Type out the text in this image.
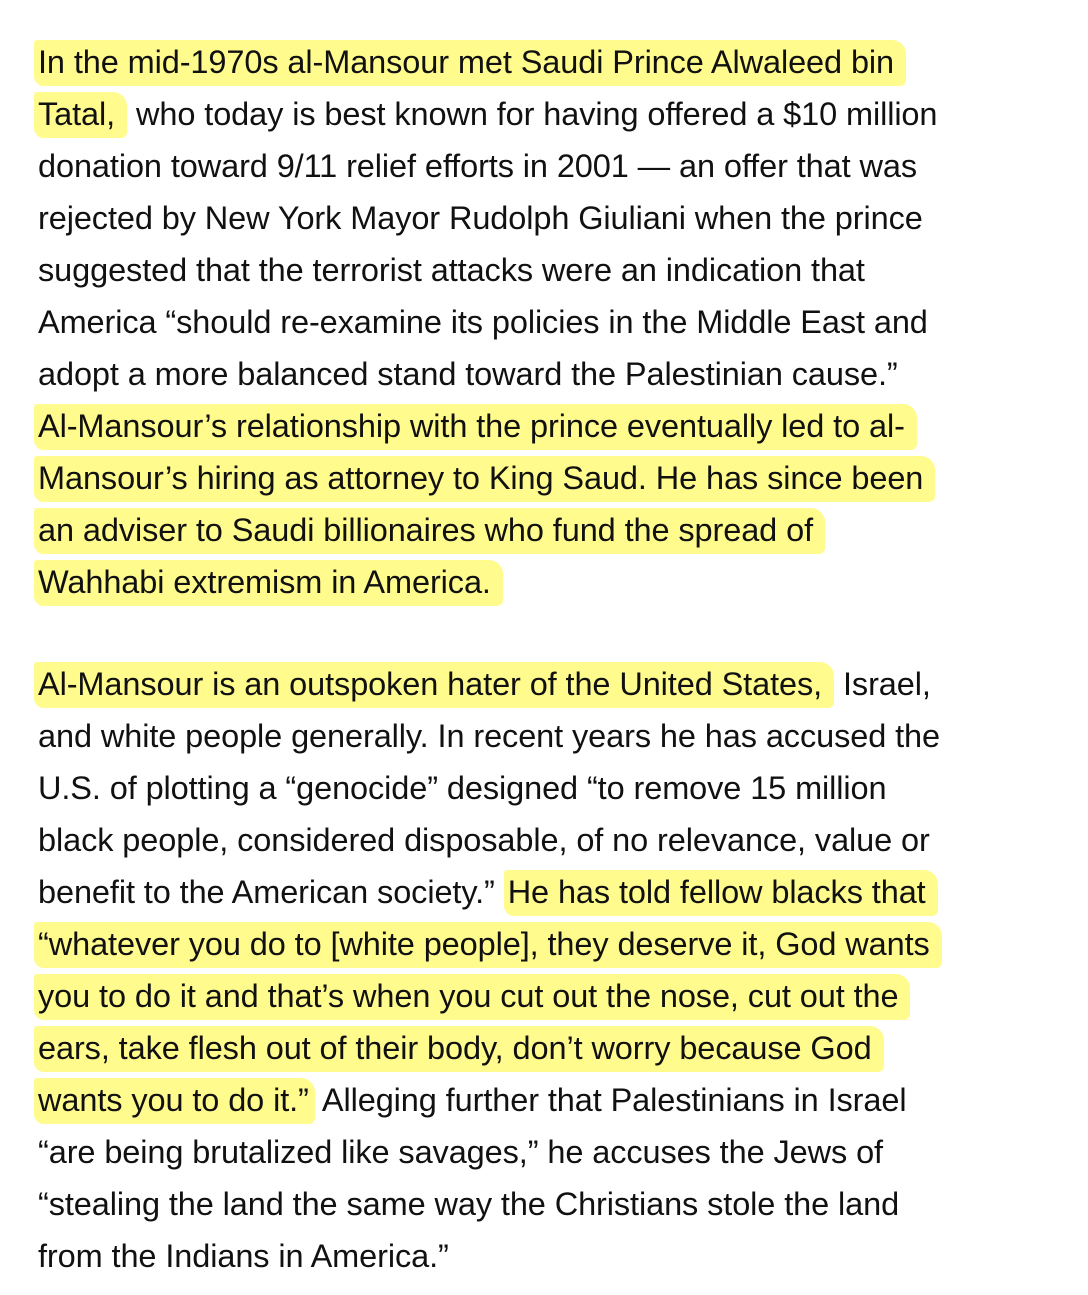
In the mid-1970s al-Mansour met Saudi Prince Alwaleed bin
Tatal, who today is best known for having offered a $10 million
donation toward 9/11 relief efforts in 2001 — an offer that was
rejected by New York Mayor Rudolph Giuliani when the prince
suggested that the terrorist attacks were an indication that
America “should re-examine its policies in the Middle East and
adopt a more balanced stand toward the Palestinian cause.”
Al-Mansour’s relationship with the prince eventually led to al-
Mansour’s hiring as attorney to King Saud. He has since been
an adviser to Saudi billionaires who fund the spread of
Wahhabi extremism in America.
Al-Mansour is an outspoken hater of the United States, Israel,
and white people generally. In recent years he has accused the
U.S. of plotting a “genocide” designed “to remove 15 million
black people, considered disposable, of no relevance, value or
benefit to the American society.” He has told fellow blacks that
“whatever you do to [white people], they deserve it, God wants
you to do it and that’s when you cut out the nose, cut out the
ears, take flesh out of their body, don’t worry because God
wants you to do it.” Alleging further that Palestinians in Israel
“are being brutalized like savages,” he accuses the Jews of
“stealing the land the same way the Christians stole the land
from the Indians in America.”
